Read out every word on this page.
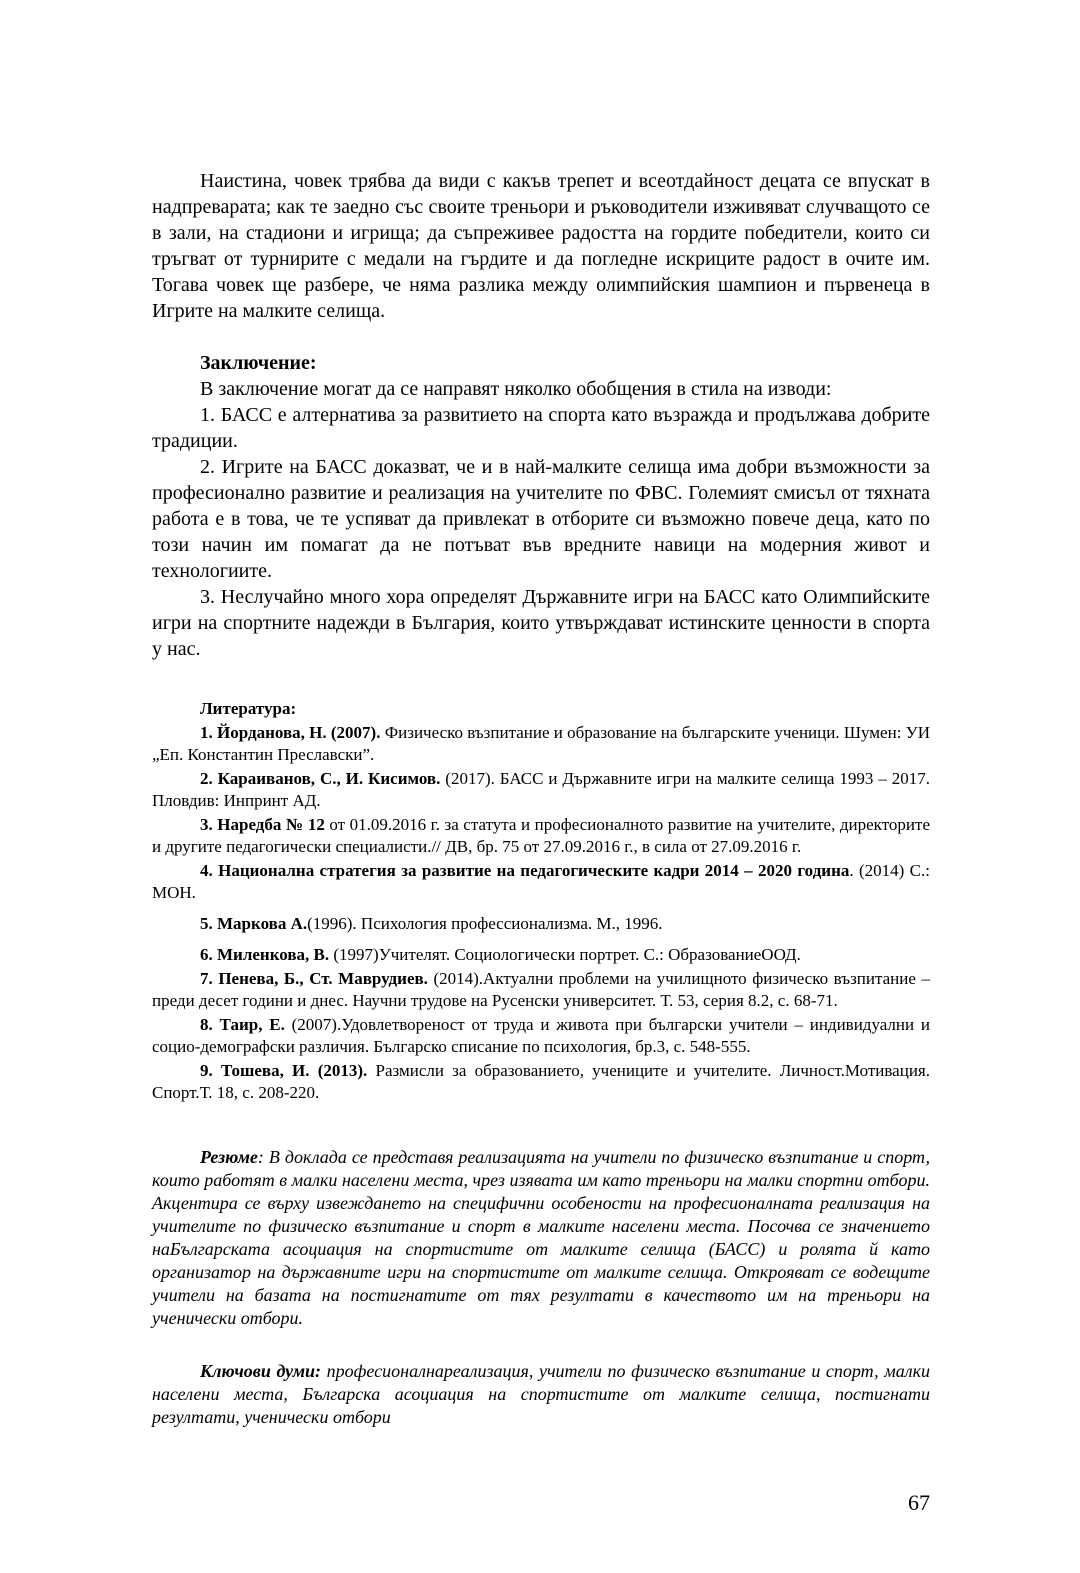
Наистина, човек трябва да види с какъв трепет и всеотдайност децата се впускат в надпреварата; как те заедно със своите треньори и ръководители изживяват случващото се в зали, на стадиони и игрища; да съпреживее радостта на гордите победители, които си тръгват от турнирите с медали на гърдите и да погледне искриците радост в очите им. Тогава човек ще разбере, че няма разлика между олимпийския шампион и първенеца в Игрите на малките селища.

Заключение:

В заключение могат да се направят няколко обобщения в стила на изводи:

1. БАСС е алтернатива за развитието на спорта като възражда и продължава добрите традиции.

2. Игрите на БАСС доказват, че и в най-малките селища има добри възможности за професионално развитие и реализация на учителите по ФВС. Големият смисъл от тяхната работа е в това, че те успяват да привлекат в отборите си възможно повече деца, като по този начин им помагат да не потъват във вредните навици на модерния живот и технологиите.

3. Неслучайно много хора определят Държавните игри на БАСС като Олимпийските игри на спортните надежди в България, които утвърждават истинските ценности в спорта у нас.

Литература:

1. Йорданова, Н. (2007). Физическо възпитание и образование на българските ученици. Шумен: УИ „Еп. Константин Преславски”.

2. Караиванов, С., И. Кисимов. (2017). БАСС и Държавните игри на малките селища 1993 – 2017. Пловдив: Инпринт АД.

3. Наредба № 12 от 01.09.2016 г. за статута и професионалното развитие на учителите, директорите и другите педагогически специалисти.// ДВ, бр. 75 от 27.09.2016 г., в сила от 27.09.2016 г.

4. Национална стратегия за развитие на педагогическите кадри 2014 – 2020 година. (2014) С.: МОН.

5. Маркова А.(1996). Психология профессионализма. М., 1996.

6. Миленкова, В. (1997)Учителят. Социологически портрет. С.: ОбразованиеООД.

7. Пенева, Б., Ст. Маврудиев. (2014).Актуални проблеми на училищното физическо възпитание – преди десет години и днес. Научни трудове на Русенски университет. Т. 53, серия 8.2, с. 68-71.

8. Таир, Е. (2007).Удовлетвореност от труда и живота при български учители – индивидуални и социо-демографски различия. Българско списание по психология, бр.3, с. 548-555.

9. Тошева, И. (2013). Размисли за образованието, учениците и учителите. Личност.Мотивация. Спорт.Т. 18, с. 208-220.

Резюме: В доклада се представя реализацията на учители по физическо възпитание и спорт, които работят в малки населени места, чрез изявата им като треньори на малки спортни отбори. Акцентира се върху извеждането на специфични особености на професионалната реализация на учителите по физическо възпитание и спорт в малките населени места. Посочва се значението наБългарската асоциация на спортистите от малките селища (БАСС) и ролята й като организатор на държавните игри на спортистите от малките селища. Открояват се водещите учители на базата на постигнатите от тях резултати в качеството им на треньори на ученически отбори.

Ключови думи: професионалнареализация, учители по физическо възпитание и спорт, малки населени места, Българска асоциация на спортистите от малките селища, постигнати резултати, ученически отбори

67
